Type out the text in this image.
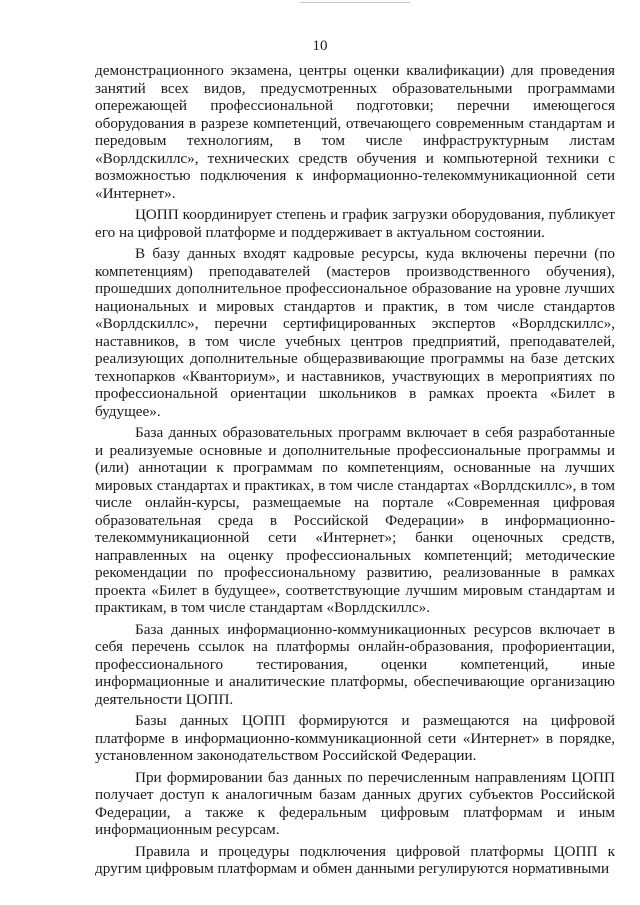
10

демонстрационного экзамена, центры оценки квалификации) для проведения занятий всех видов, предусмотренных образовательными программами опережающей профессиональной подготовки; перечни имеющегося оборудования в разрезе компетенций, отвечающего современным стандартам и передовым технологиям, в том числе инфраструктурным листам «Ворлдскиллс», технических средств обучения и компьютерной техники с возможностью подключения к информационно-телекоммуникационной сети «Интернет».

ЦОПП координирует степень и график загрузки оборудования, публикует его на цифровой платформе и поддерживает в актуальном состоянии.

В базу данных входят кадровые ресурсы, куда включены перечни (по компетенциям) преподавателей (мастеров производственного обучения), прошедших дополнительное профессиональное образование на уровне лучших национальных и мировых стандартов и практик, в том числе стандартов «Ворлдскиллс», перечни сертифицированных экспертов «Ворлдскиллс», наставников, в том числе учебных центров предприятий, преподавателей, реализующих дополнительные общеразвивающие программы на базе детских технопарков «Кванториум», и наставников, участвующих в мероприятиях по профессиональной ориентации школьников в рамках проекта «Билет в будущее».

База данных образовательных программ включает в себя разработанные и реализуемые основные и дополнительные профессиональные программы и (или) аннотации к программам по компетенциям, основанные на лучших мировых стандартах и практиках, в том числе стандартах «Ворлдскиллс», в том числе онлайн-курсы, размещаемые на портале «Современная цифровая образовательная среда в Российской Федерации» в информационно-телекоммуникационной сети «Интернет»; банки оценочных средств, направленных на оценку профессиональных компетенций; методические рекомендации по профессиональному развитию, реализованные в рамках проекта «Билет в будущее», соответствующие лучшим мировым стандартам и практикам, в том числе стандартам «Ворлдскиллс».

База данных информационно-коммуникационных ресурсов включает в себя перечень ссылок на платформы онлайн-образования, профориентации, профессионального тестирования, оценки компетенций, иные информационные и аналитические платформы, обеспечивающие организацию деятельности ЦОПП.

Базы данных ЦОПП формируются и размещаются на цифровой платформе в информационно-коммуникационной сети «Интернет» в порядке, установленном законодательством Российской Федерации.

При формировании баз данных по перечисленным направлениям ЦОПП получает доступ к аналогичным базам данных других субъектов Российской Федерации, а также к федеральным цифровым платформам и иным информационным ресурсам.

Правила и процедуры подключения цифровой платформы ЦОПП к другим цифровым платформам и обмен данными регулируются нормативными
